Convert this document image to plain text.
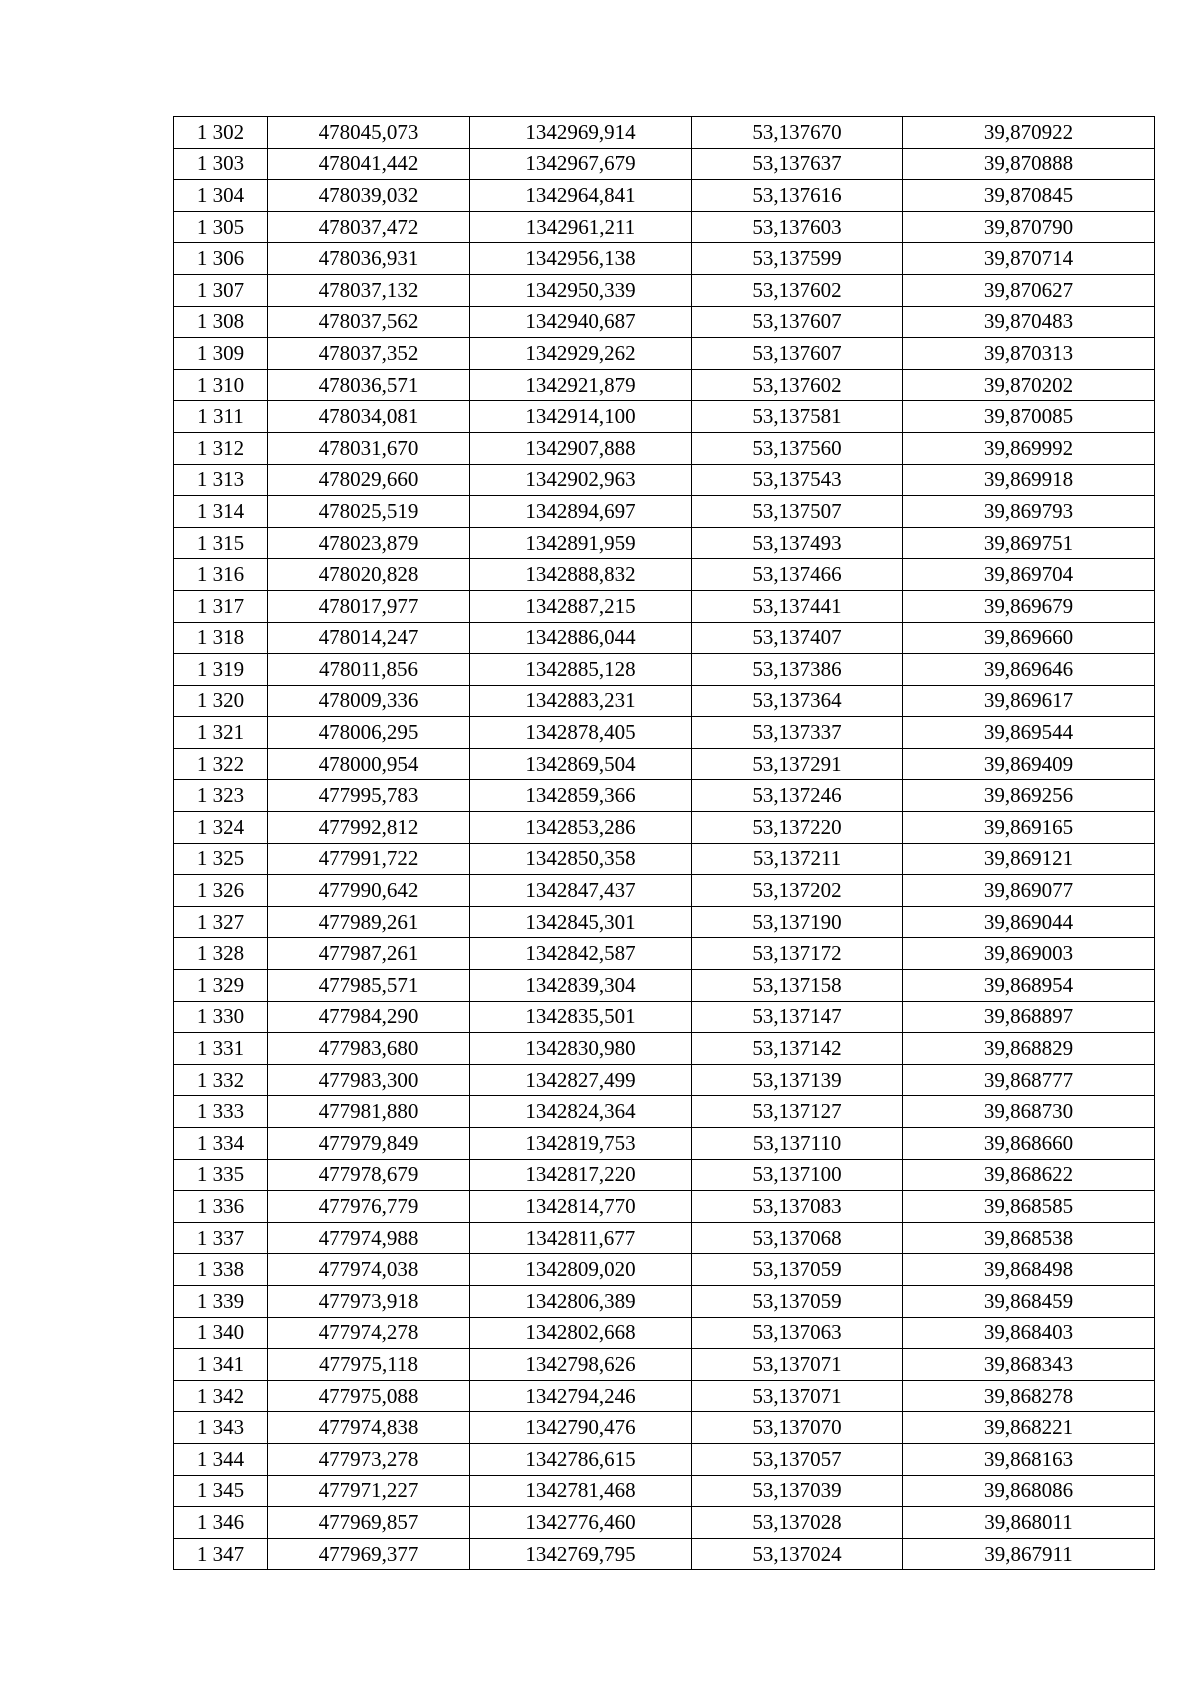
1 302	478045,073	1342969,914	53,137670	39,870922
1 303	478041,442	1342967,679	53,137637	39,870888
1 304	478039,032	1342964,841	53,137616	39,870845
1 305	478037,472	1342961,211	53,137603	39,870790
1 306	478036,931	1342956,138	53,137599	39,870714
1 307	478037,132	1342950,339	53,137602	39,870627
1 308	478037,562	1342940,687	53,137607	39,870483
1 309	478037,352	1342929,262	53,137607	39,870313
1 310	478036,571	1342921,879	53,137602	39,870202
1 311	478034,081	1342914,100	53,137581	39,870085
1 312	478031,670	1342907,888	53,137560	39,869992
1 313	478029,660	1342902,963	53,137543	39,869918
1 314	478025,519	1342894,697	53,137507	39,869793
1 315	478023,879	1342891,959	53,137493	39,869751
1 316	478020,828	1342888,832	53,137466	39,869704
1 317	478017,977	1342887,215	53,137441	39,869679
1 318	478014,247	1342886,044	53,137407	39,869660
1 319	478011,856	1342885,128	53,137386	39,869646
1 320	478009,336	1342883,231	53,137364	39,869617
1 321	478006,295	1342878,405	53,137337	39,869544
1 322	478000,954	1342869,504	53,137291	39,869409
1 323	477995,783	1342859,366	53,137246	39,869256
1 324	477992,812	1342853,286	53,137220	39,869165
1 325	477991,722	1342850,358	53,137211	39,869121
1 326	477990,642	1342847,437	53,137202	39,869077
1 327	477989,261	1342845,301	53,137190	39,869044
1 328	477987,261	1342842,587	53,137172	39,869003
1 329	477985,571	1342839,304	53,137158	39,868954
1 330	477984,290	1342835,501	53,137147	39,868897
1 331	477983,680	1342830,980	53,137142	39,868829
1 332	477983,300	1342827,499	53,137139	39,868777
1 333	477981,880	1342824,364	53,137127	39,868730
1 334	477979,849	1342819,753	53,137110	39,868660
1 335	477978,679	1342817,220	53,137100	39,868622
1 336	477976,779	1342814,770	53,137083	39,868585
1 337	477974,988	1342811,677	53,137068	39,868538
1 338	477974,038	1342809,020	53,137059	39,868498
1 339	477973,918	1342806,389	53,137059	39,868459
1 340	477974,278	1342802,668	53,137063	39,868403
1 341	477975,118	1342798,626	53,137071	39,868343
1 342	477975,088	1342794,246	53,137071	39,868278
1 343	477974,838	1342790,476	53,137070	39,868221
1 344	477973,278	1342786,615	53,137057	39,868163
1 345	477971,227	1342781,468	53,137039	39,868086
1 346	477969,857	1342776,460	53,137028	39,868011
1 347	477969,377	1342769,795	53,137024	39,867911
